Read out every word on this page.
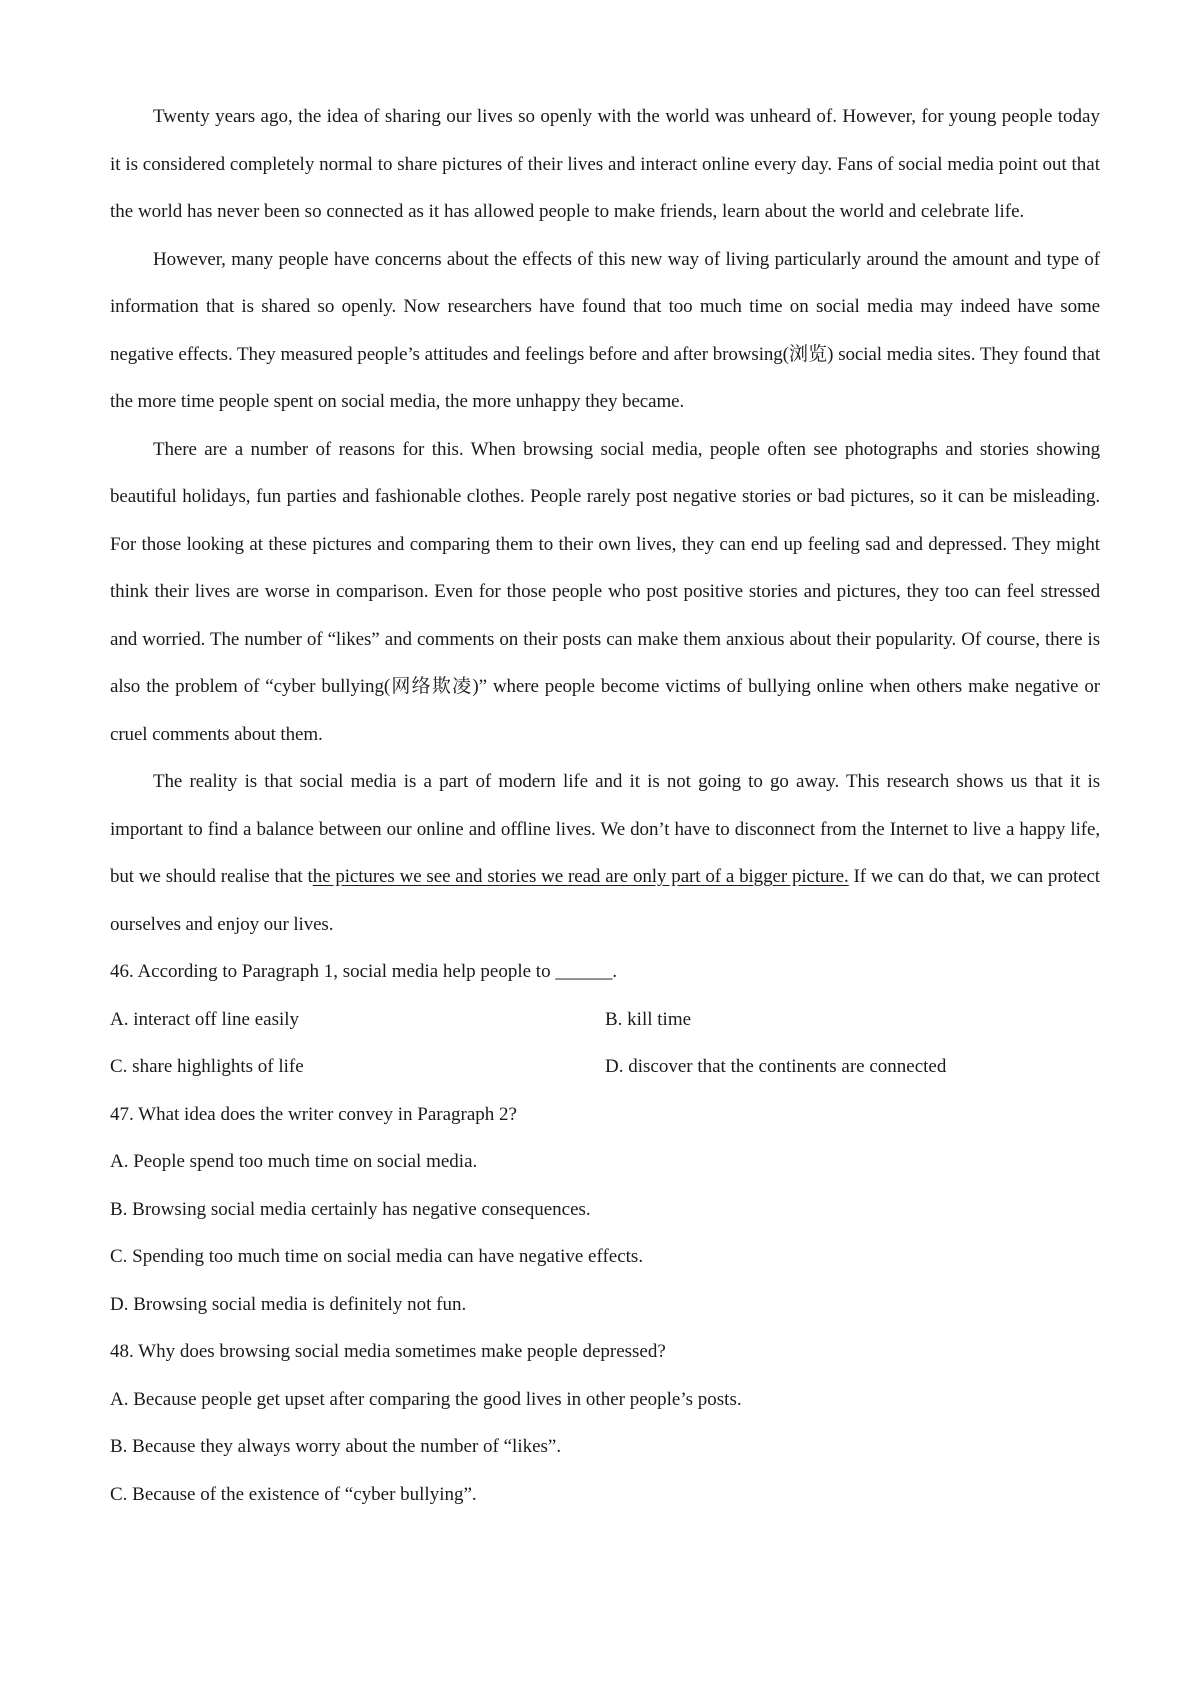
Twenty years ago, the idea of sharing our lives so openly with the world was unheard of. However, for young people today it is considered completely normal to share pictures of their lives and interact online every day. Fans of social media point out that the world has never been so connected as it has allowed people to make friends, learn about the world and celebrate life.

However, many people have concerns about the effects of this new way of living particularly around the amount and type of information that is shared so openly. Now researchers have found that too much time on social media may indeed have some negative effects. They measured people’s attitudes and feelings before and after browsing(浏览) social media sites. They found that the more time people spent on social media, the more unhappy they became.

There are a number of reasons for this. When browsing social media, people often see photographs and stories showing beautiful holidays, fun parties and fashionable clothes. People rarely post negative stories or bad pictures, so it can be misleading. For those looking at these pictures and comparing them to their own lives, they can end up feeling sad and depressed. They might think their lives are worse in comparison. Even for those people who post positive stories and pictures, they too can feel stressed and worried. The number of “likes” and comments on their posts can make them anxious about their popularity. Of course, there is also the problem of “cyber bullying(网络欺凌)” where people become victims of bullying online when others make negative or cruel comments about them.

The reality is that social media is a part of modern life and it is not going to go away. This research shows us that it is important to find a balance between our online and offline lives. We don’t have to disconnect from the Internet to live a happy life, but we should realise that the pictures we see and stories we read are only part of a bigger picture. If we can do that, we can protect ourselves and enjoy our lives.

46. According to Paragraph 1, social media help people to ______.

A. interact off line easily	B. kill time

C. share highlights of life	D. discover that the continents are connected

47. What idea does the writer convey in Paragraph 2?

A. People spend too much time on social media.

B. Browsing social media certainly has negative consequences.

C. Spending too much time on social media can have negative effects.

D. Browsing social media is definitely not fun.

48. Why does browsing social media sometimes make people depressed?

A. Because people get upset after comparing the good lives in other people’s posts.

B. Because they always worry about the number of “likes”.

C. Because of the existence of “cyber bullying”.
